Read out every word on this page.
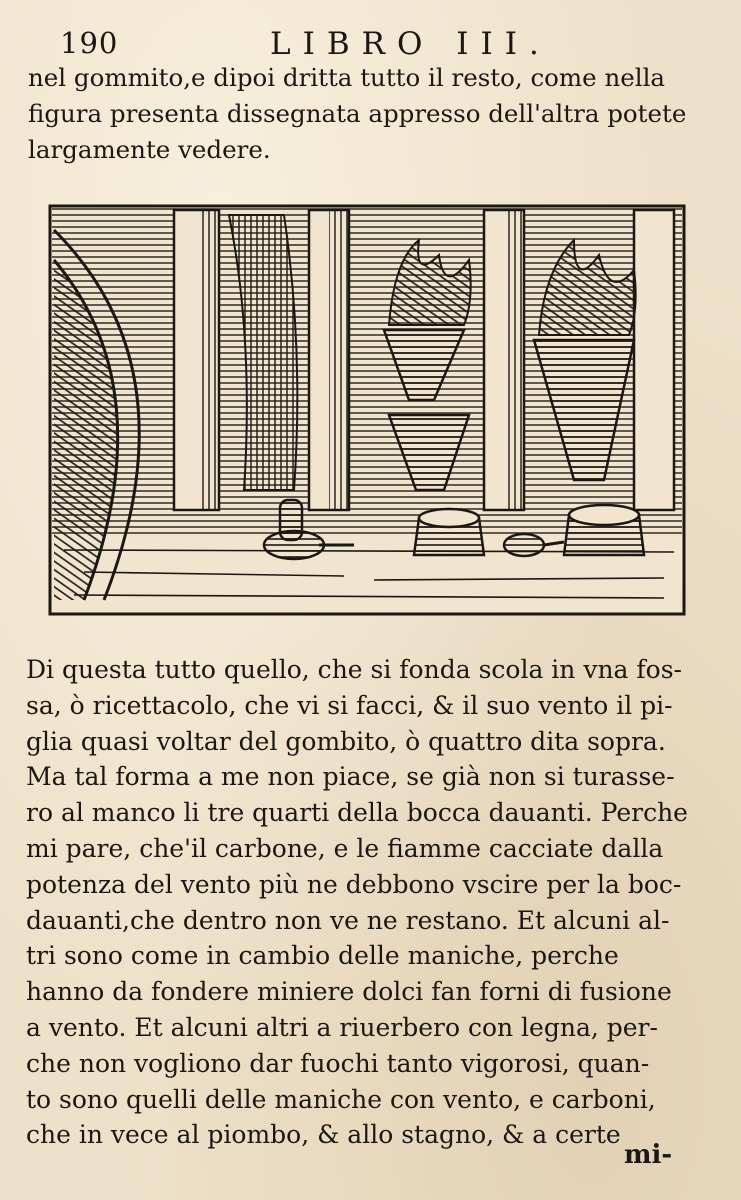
190	LIBRO III.
nel gommito,e dipoi dritta tutto il resto, come nella
figura presenta dissegnata appresso dell'altra potete
largamente vedere.
Di questa tutto quello, che si fonda scola in vna fos-
sa, ò ricettacolo, che vi si facci, & il suo vento il pi-
glia quasi voltar del gombito, ò quattro dita sopra.
Ma tal forma a me non piace, se già non si turasse-
ro al manco li tre quarti della bocca dauanti. Perche
mi pare, che'il carbone, e le fiamme cacciate dalla
potenza del vento più ne debbono vscire per la boc-
dauanti,che dentro non ve ne restano. Et alcuni al-
tri sono come in cambio delle maniche, perche
hanno da fondere miniere dolci fan forni di fusione
a vento. Et alcuni altri a riuerbero con legna, per-
che non vogliono dar fuochi tanto vigorosi, quan-
to sono quelli delle maniche con vento, e carboni,
che in vece al piombo, & allo stagno, & a certe
mi-
